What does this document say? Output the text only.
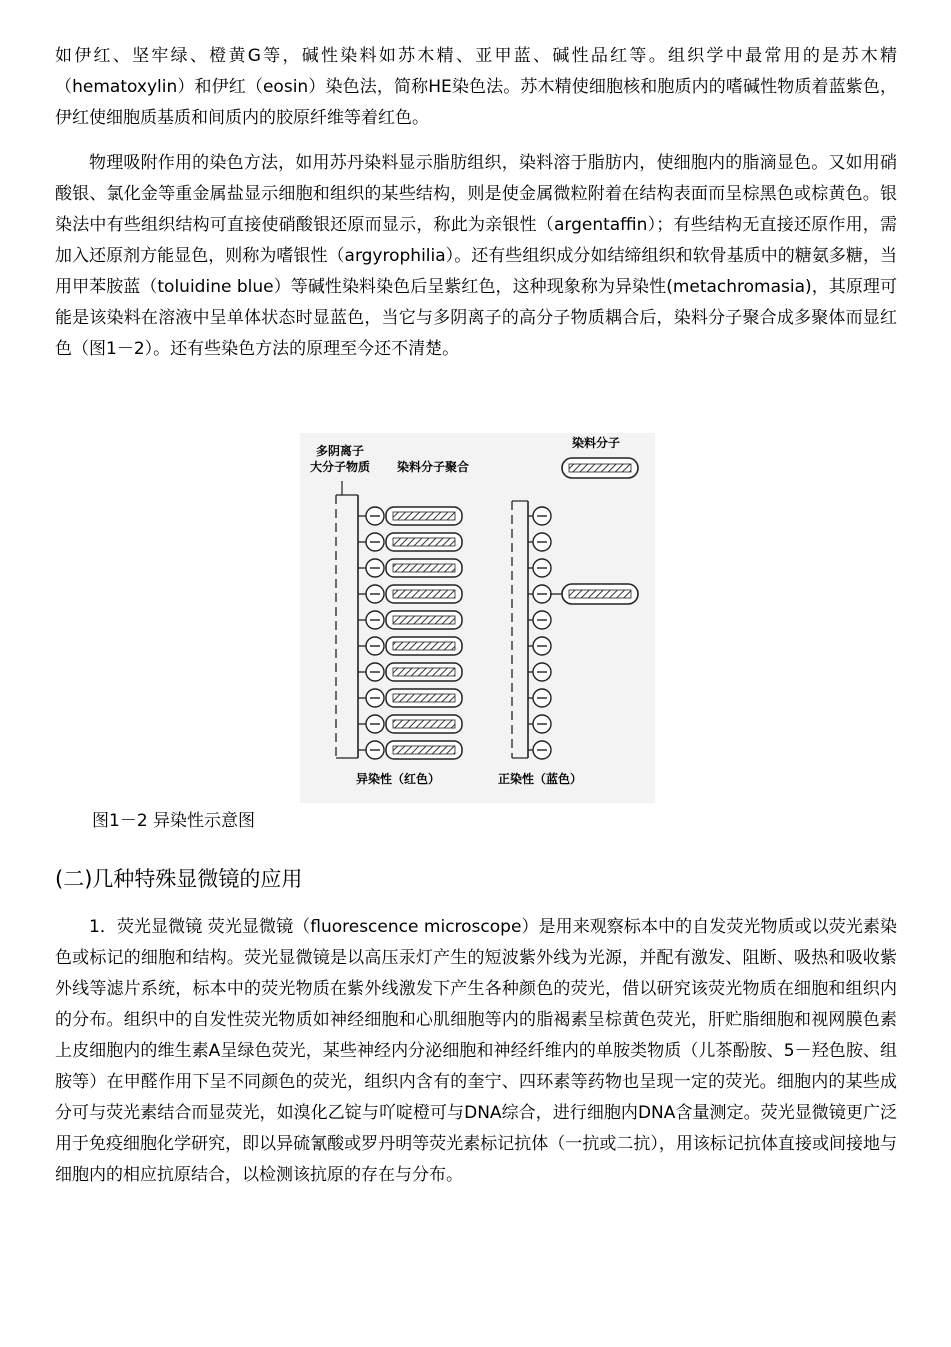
如伊红、坚牢绿、橙黄G等，碱性染料如苏木精、亚甲蓝、碱性品红等。组织学中最常用的是苏木精（hematoxylin）和伊红（eosin）染色法，简称HE染色法。苏木精使细胞核和胞质内的嗜碱性物质着蓝紫色，伊红使细胞质基质和间质内的胶原纤维等着红色。

物理吸附作用的染色方法，如用苏丹染料显示脂肪组织，染料溶于脂肪内，使细胞内的脂滴显色。又如用硝酸银、氯化金等重金属盐显示细胞和组织的某些结构，则是使金属微粒附着在结构表面而呈棕黑色或棕黄色。银染法中有些组织结构可直接使硝酸银还原而显示，称此为亲银性（argentaffin）；有些结构无直接还原作用，需加入还原剂方能显色，则称为嗜银性（argyrophilia）。还有些组织成分如结缔组织和软骨基质中的糖氨多糖，当用甲苯胺蓝（toluidine blue）等碱性染料染色后呈紫红色，这种现象称为异染性(metachromasia)，其原理可能是该染料在溶液中呈单体状态时显蓝色，当它与多阴离子的高分子物质耦合后，染料分子聚合成多聚体而显红色（图1－2）。还有些染色方法的原理至今还不清楚。

多阴离子
大分子物质 染料分子聚合
染料分子
异染性（红色）	正染性（蓝色）
图1－2 异染性示意图
(二)几种特殊显微镜的应用

1．荧光显微镜 荧光显微镜（fluorescence microscope）是用来观察标本中的自发荧光物质或以荧光素染色或标记的细胞和结构。荧光显微镜是以高压汞灯产生的短波紫外线为光源，并配有激发、阻断、吸热和吸收紫外线等滤片系统，标本中的荧光物质在紫外线激发下产生各种颜色的荧光，借以研究该荧光物质在细胞和组织内的分布。组织中的自发性荧光物质如神经细胞和心肌细胞等内的脂褐素呈棕黄色荧光，肝贮脂细胞和视网膜色素上皮细胞内的维生素A呈绿色荧光，某些神经内分泌细胞和神经纤维内的单胺类物质（儿茶酚胺、5－羟色胺、组胺等）在甲醛作用下呈不同颜色的荧光，组织内含有的奎宁、四环素等药物也呈现一定的荧光。细胞内的某些成分可与荧光素结合而显荧光，如溴化乙锭与吖啶橙可与DNA综合，进行细胞内DNA含量测定。荧光显微镜更广泛用于免疫细胞化学研究，即以异硫氰酸或罗丹明等荧光素标记抗体（一抗或二抗），用该标记抗体直接或间接地与细胞内的相应抗原结合，以检测该抗原的存在与分布。
